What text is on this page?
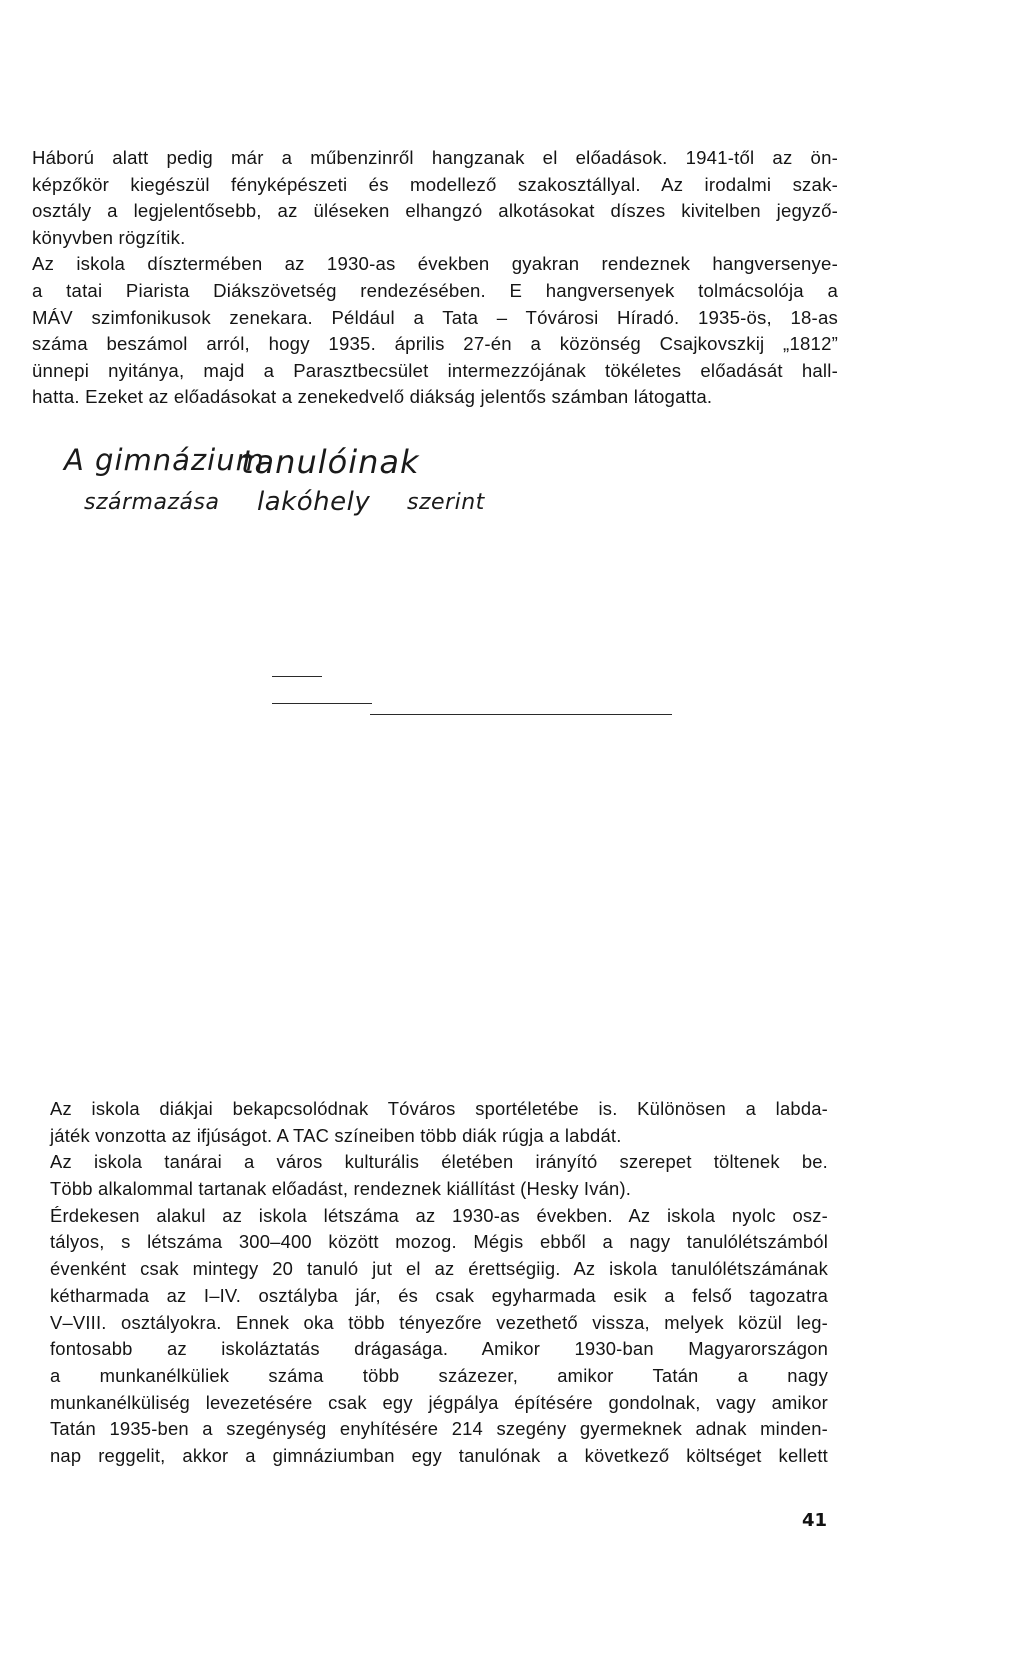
Háború alatt pedig már a műbenzinről hangzanak el előadások. 1941-től az ön-
képzőkör kiegészül fényképészeti és modellező szakosztállyal. Az irodalmi szak-
osztály a legjelentősebb, az üléseken elhangzó alkotásokat díszes kivitelben jegyző-
könyvben rögzítik.
Az iskola dísztermében az 1930-as években gyakran rendeznek hangversenye-
a tatai Piarista Diákszövetség rendezésében. E hangversenyek tolmácsolója a
MÁV szimfonikusok zenekara. Például a Tata – Tóvárosi Híradó. 1935-ös, 18-as
száma beszámol arról, hogy 1935. április 27-én a közönség Csajkovszkij „1812”
ünnepi nyitánya, majd a Parasztbecsület intermezzójának tökéletes előadását hall-
hatta. Ezeket az előadásokat a zenekedvelő diákság jelentős számban látogatta.
A gimnázium
tanulóinak
származása lakóhely szerint
Az iskola diákjai bekapcsolódnak Tóváros sportéletébe is. Különösen a labda-
játék vonzotta az ifjúságot. A TAC színeiben több diák rúgja a labdát.
Az iskola tanárai a város kulturális életében irányító szerepet töltenek be.
Több alkalommal tartanak előadást, rendeznek kiállítást (Hesky Iván).
Érdekesen alakul az iskola létszáma az 1930-as években. Az iskola nyolc osz-
tályos, s létszáma 300–400 között mozog. Mégis ebből a nagy tanulólétszámból
évenként csak mintegy 20 tanuló jut el az érettségiig. Az iskola tanulólétszámának
kétharmada az I–IV. osztályba jár, és csak egyharmada esik a felső tagozatra
V–VIII. osztályokra. Ennek oka több tényezőre vezethető vissza, melyek közül leg-
fontosabb az iskoláztatás drágasága. Amikor 1930-ban Magyarországon
a munkanélküliek száma több százezer, amikor Tatán a nagy
munkanélküliség levezetésére csak egy jégpálya építésére gondolnak, vagy amikor
Tatán 1935-ben a szegénység enyhítésére 214 szegény gyermeknek adnak minden-
nap reggelit, akkor a gimnáziumban egy tanulónak a következő költséget kellett
41
